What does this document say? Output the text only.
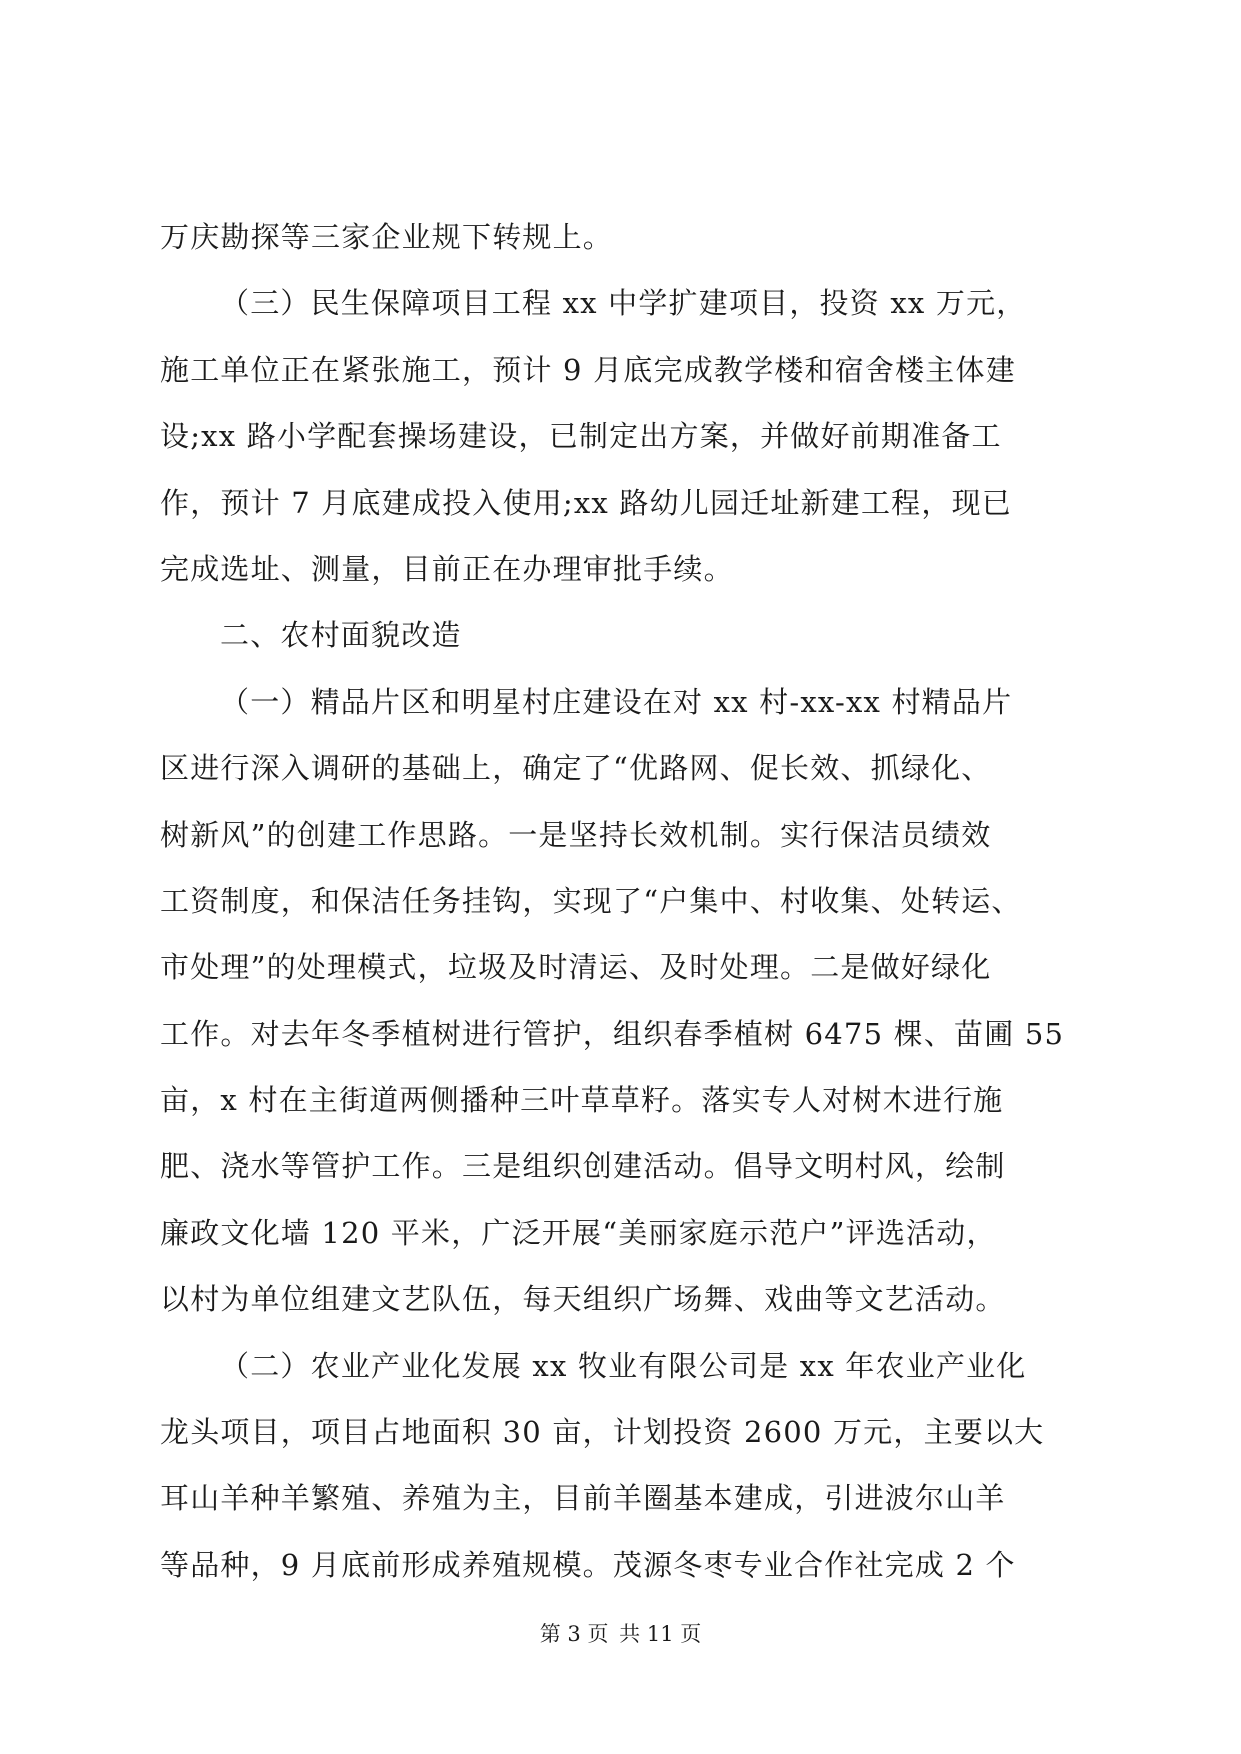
万庆勘探等三家企业规下转规上。
（三）民生保障项目工程 xx 中学扩建项目，投资 xx 万元，
施工单位正在紧张施工，预计 9 月底完成教学楼和宿舍楼主体建
设;xx 路小学配套操场建设，已制定出方案，并做好前期准备工
作，预计 7 月底建成投入使用;xx 路幼儿园迁址新建工程，现已
完成选址、测量，目前正在办理审批手续。
二、农村面貌改造
（一）精品片区和明星村庄建设在对 xx 村-xx-xx 村精品片
区进行深入调研的基础上，确定了“优路网、促长效、抓绿化、
树新风”的创建工作思路。一是坚持长效机制。实行保洁员绩效
工资制度，和保洁任务挂钩，实现了“户集中、村收集、处转运、
市处理”的处理模式，垃圾及时清运、及时处理。二是做好绿化
工作。对去年冬季植树进行管护，组织春季植树 6475 棵、苗圃 55
亩，x 村在主街道两侧播种三叶草草籽。落实专人对树木进行施
肥、浇水等管护工作。三是组织创建活动。倡导文明村风，绘制
廉政文化墙 120 平米，广泛开展“美丽家庭示范户”评选活动，
以村为单位组建文艺队伍，每天组织广场舞、戏曲等文艺活动。
（二）农业产业化发展 xx 牧业有限公司是 xx 年农业产业化
龙头项目，项目占地面积 30 亩，计划投资 2600 万元，主要以大
耳山羊种羊繁殖、养殖为主，目前羊圈基本建成，引进波尔山羊
等品种，9 月底前形成养殖规模。茂源冬枣专业合作社完成 2 个
第 3 页 共 11 页
